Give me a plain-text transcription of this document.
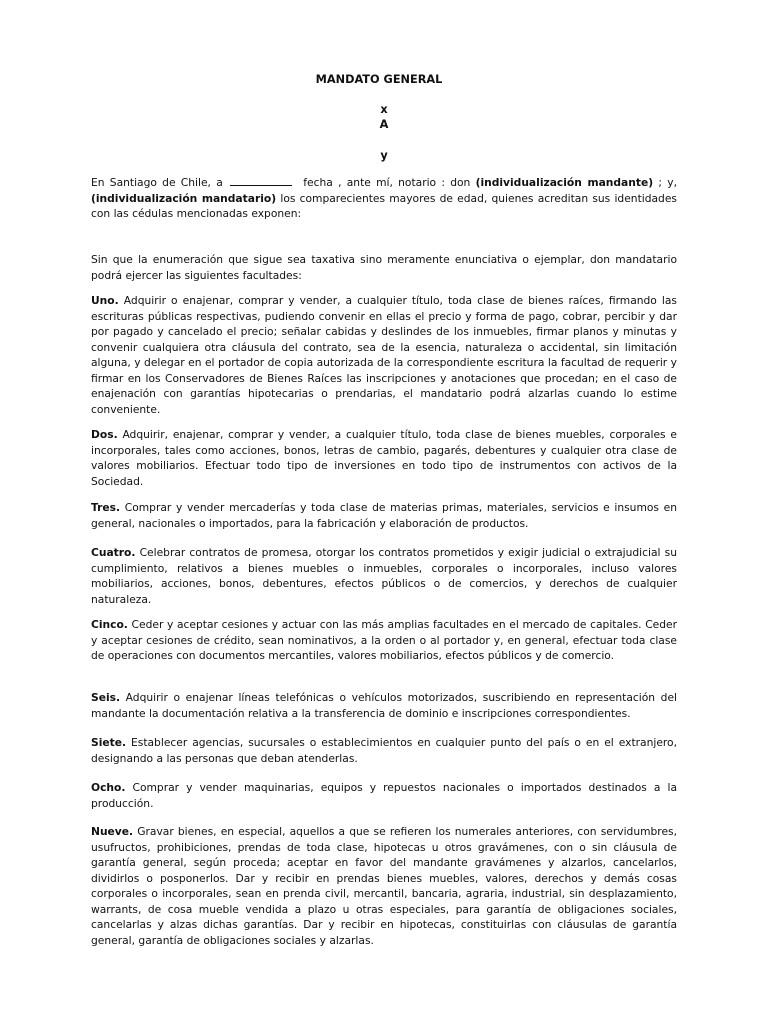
MANDATO GENERAL
x
A
y

En Santiago de Chile, a	fecha , ante mí, notario : don (individualización mandante) ; y, (individualización mandatario) los comparecientes mayores de edad, quienes acreditan sus identidades con las cédulas mencionadas exponen:

Sin que la enumeración que sigue sea taxativa sino meramente enunciativa o ejemplar, don mandatario podrá ejercer las siguientes facultades:

Uno. Adquirir o enajenar, comprar y vender, a cualquier título, toda clase de bienes raíces, firmando las escrituras públicas respectivas, pudiendo convenir en ellas el precio y forma de pago, cobrar, percibir y dar por pagado y cancelado el precio; señalar cabidas y deslindes de los inmuebles, firmar planos y minutas y convenir cualquiera otra cláusula del contrato, sea de la esencia, naturaleza o accidental, sin limitación alguna, y delegar en el portador de copia autorizada de la correspondiente escritura la facultad de requerir y firmar en los Conservadores de Bienes Raíces las inscripciones y anotaciones que procedan; en el caso de enajenación con garantías hipotecarias o prendarias, el mandatario podrá alzarlas cuando lo estime conveniente.

Dos. Adquirir, enajenar, comprar y vender, a cualquier título, toda clase de bienes muebles, corporales e incorporales, tales como acciones, bonos, letras de cambio, pagarés, debentures y cualquier otra clase de valores mobiliarios. Efectuar todo tipo de inversiones en todo tipo de instrumentos con activos de la Sociedad.

Tres. Comprar y vender mercaderías y toda clase de materias primas, materiales, servicios e insumos en general, nacionales o importados, para la fabricación y elaboración de productos.

Cuatro. Celebrar contratos de promesa, otorgar los contratos prometidos y exigir judicial o extrajudicial su cumplimiento, relativos a bienes muebles o inmuebles, corporales o incorporales, incluso valores mobiliarios, acciones, bonos, debentures, efectos públicos o de comercios, y derechos de cualquier naturaleza.

Cinco. Ceder y aceptar cesiones y actuar con las más amplias facultades en el mercado de capitales. Ceder y aceptar cesiones de crédito, sean nominativos, a la orden o al portador y, en general, efectuar toda clase de operaciones con documentos mercantiles, valores mobiliarios, efectos públicos y de comercio.

Seis. Adquirir o enajenar líneas telefónicas o vehículos motorizados, suscribiendo en representación del mandante la documentación relativa a la transferencia de dominio e inscripciones correspondientes.

Siete. Establecer agencias, sucursales o establecimientos en cualquier punto del país o en el extranjero, designando a las personas que deban atenderlas.

Ocho. Comprar y vender maquinarias, equipos y repuestos nacionales o importados destinados a la producción.

Nueve. Gravar bienes, en especial, aquellos a que se refieren los numerales anteriores, con servidumbres, usufructos, prohibiciones, prendas de toda clase, hipotecas u otros gravámenes, con o sin cláusula de garantía general, según proceda; aceptar en favor del mandante gravámenes y alzarlos, cancelarlos, dividirlos o posponerlos. Dar y recibir en prendas bienes muebles, valores, derechos y demás cosas corporales o incorporales, sean en prenda civil, mercantil, bancaria, agraria, industrial, sin desplazamiento, warrants, de cosa mueble vendida a plazo u otras especiales, para garantía de obligaciones sociales, cancelarlas y alzas dichas garantías. Dar y recibir en hipotecas, constituirlas con cláusulas de garantía general, garantía de obligaciones sociales y alzarlas.
